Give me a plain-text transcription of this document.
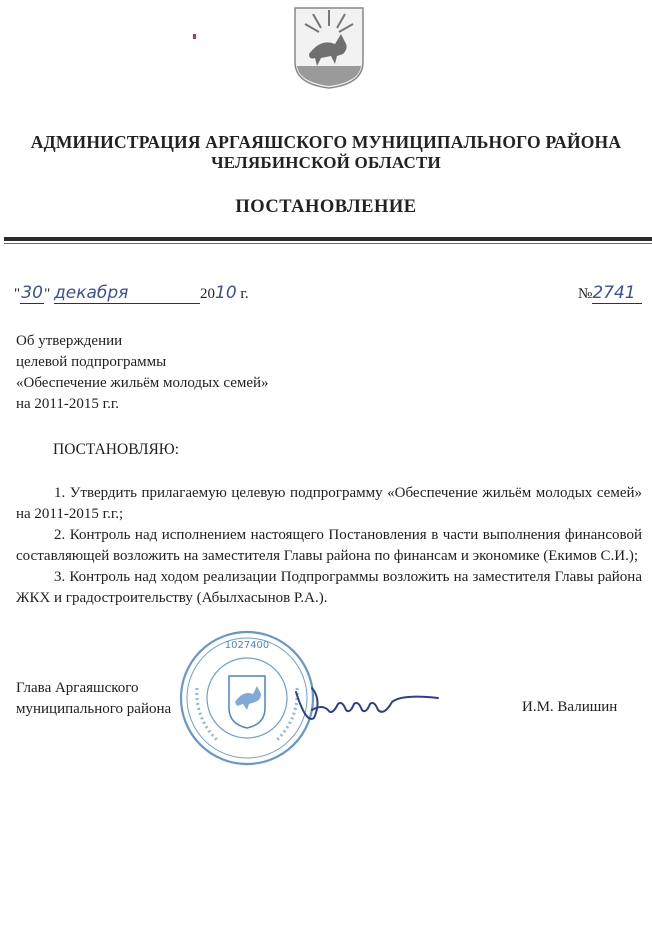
АДМИНИСТРАЦИЯ АРГАЯШСКОГО МУНИЦИПАЛЬНОГО РАЙОНА
ЧЕЛЯБИНСКОЙ ОБЛАСТИ
ПОСТАНОВЛЕНИЕ
"30" декабря	2010 г.	№2741
Об утверждении
целевой подпрограммы
«Обеспечение жильём молодых семей»
на 2011-2015 г.г.
ПОСТАНОВЛЯЮ:

1. Утвердить прилагаемую целевую подпрограмму «Обеспечение жильём молодых семей» на 2011-2015 г.г.;

2. Контроль над исполнением настоящего Постановления в части выполнения финансовой составляющей возложить на заместителя Главы района по финансам и экономике (Екимов С.И.);

3. Контроль над ходом реализации Подпрограммы возложить на заместителя Главы района ЖКХ и градостроительству (Абылхасынов Р.А.).

1027400
Глава Аргаяшского
муниципального района	И.М. Валишин
